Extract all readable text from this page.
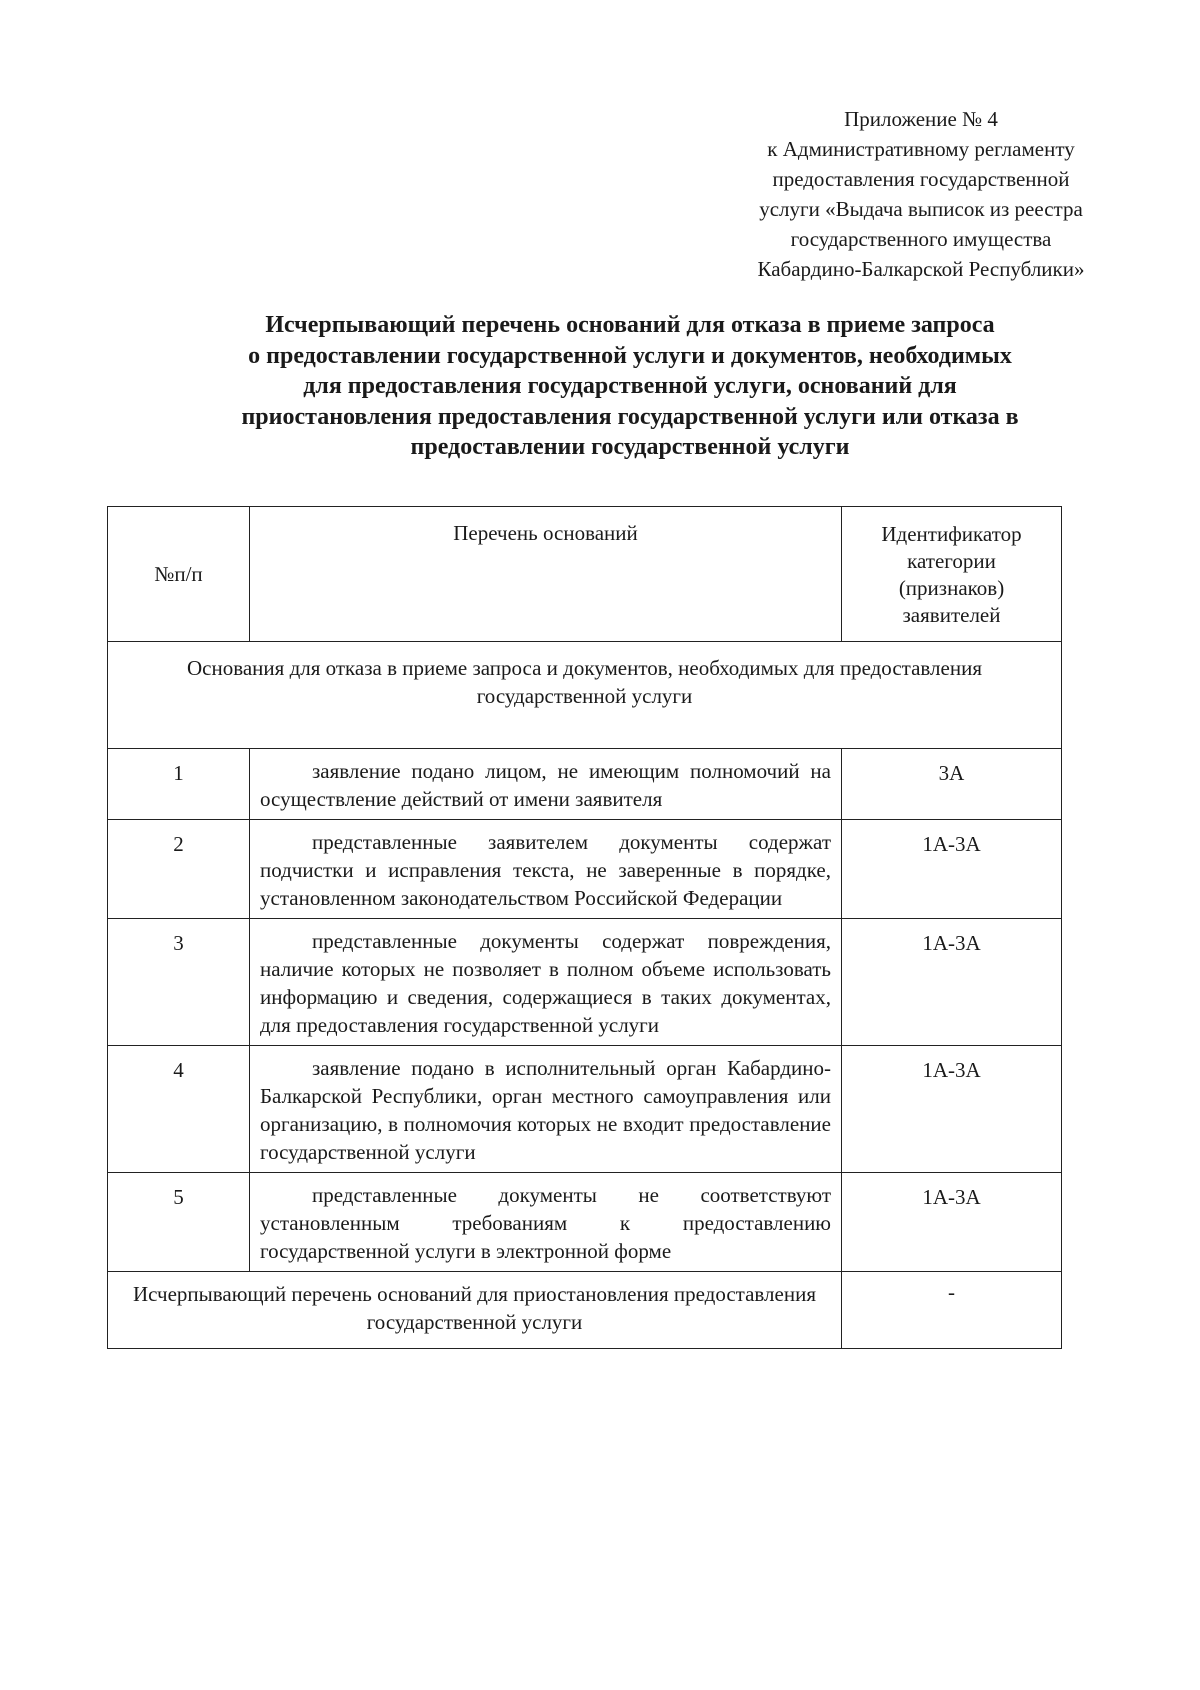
Приложение № 4
к Административному регламенту
предоставления государственной
услуги «Выдача выписок из реестра
государственного имущества
Кабардино-Балкарской Республики»
Исчерпывающий перечень оснований для отказа в приеме запроса
о предоставлении государственной услуги и документов, необходимых
для предоставления государственной услуги, оснований для
приостановления предоставления государственной услуги или отказа в
предоставлении государственной услуги
№п/п	Перечень оснований	Идентификатор
категории
(признаков)
заявителей

Основания для отказа в приеме запроса и документов, необходимых для предоставления государственной услуги		
1	заявление подано лицом, не имеющим полномочий на осуществление действий от имени заявителя	3А
2	представленные заявителем документы содержат подчистки и исправления текста, не заверенные в порядке, установленном законодательством Российской Федерации	1А-3А
3	представленные документы содержат повреждения, наличие которых не позволяет в полном объеме использовать информацию и сведения, содержащиеся в таких документах, для предоставления государственной услуги	1А-3А
4	заявление подано в исполнительный орган Кабардино-Балкарской Республики, орган местного самоуправления или организацию, в полномочия которых не входит предоставление государственной услуги	1А-3А
5	представленные документы не соответствуют установленным требованиям к предоставлению государственной услуги в электронной форме	1А-3А
Исчерпывающий перечень оснований для приостановления предоставления государственной услуги		-
